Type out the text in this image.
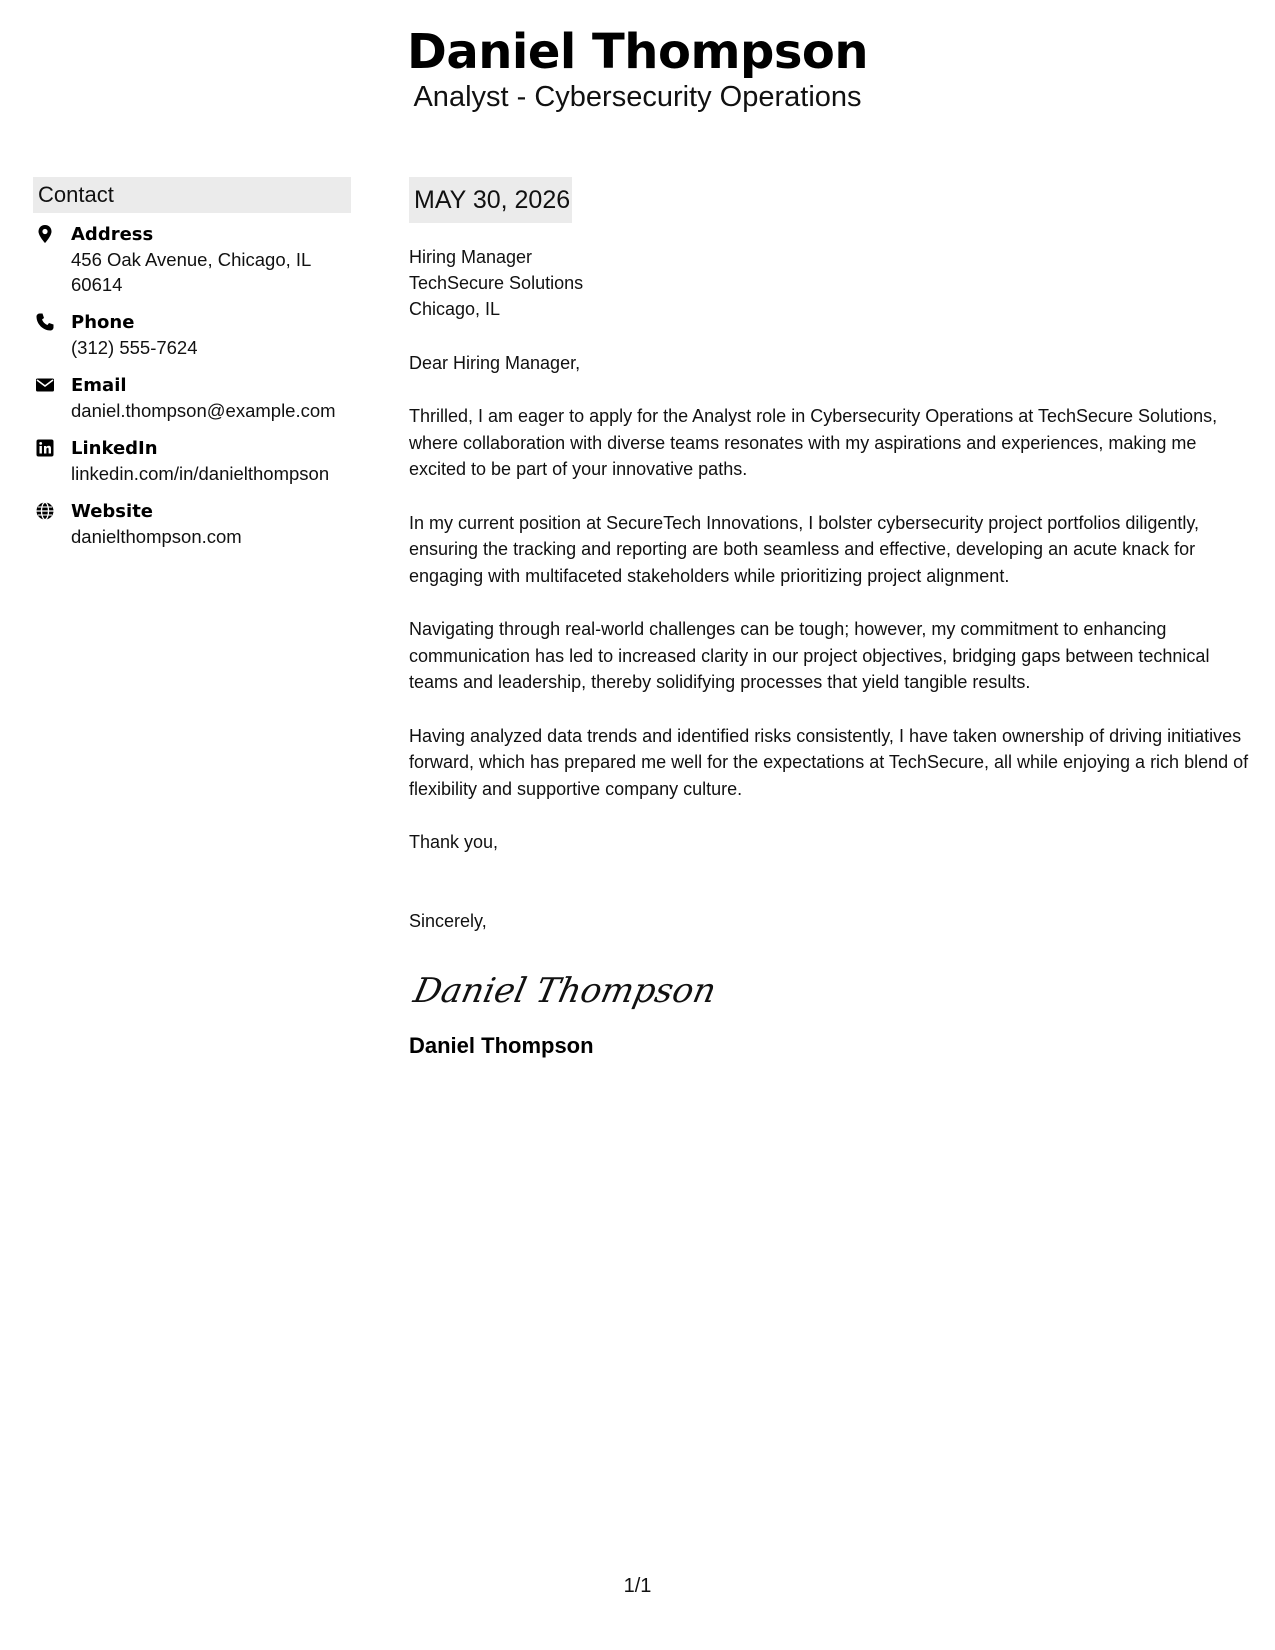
Daniel Thompson
Analyst - Cybersecurity Operations
Contact
Address
456 Oak Avenue, Chicago, IL 60614
Phone
(312) 555-7624
Email
daniel.thompson@example.com
LinkedIn
linkedin.com/in/danielthompson
Website
danielthompson.com
MAY 30, 2026
Hiring Manager
TechSecure Solutions
Chicago, IL
Dear Hiring Manager,
Thrilled, I am eager to apply for the Analyst role in Cybersecurity Operations at TechSecure Solutions, where collaboration with diverse teams resonates with my aspirations and experiences, making me excited to be part of your innovative paths.
In my current position at SecureTech Innovations, I bolster cybersecurity project portfolios diligently, ensuring the tracking and reporting are both seamless and effective, developing an acute knack for engaging with multifaceted stakeholders while prioritizing project alignment.
Navigating through real-world challenges can be tough; however, my commitment to enhancing communication has led to increased clarity in our project objectives, bridging gaps between technical teams and leadership, thereby solidifying processes that yield tangible results.
Having analyzed data trends and identified risks consistently, I have taken ownership of driving initiatives forward, which has prepared me well for the expectations at TechSecure, all while enjoying a rich blend of flexibility and supportive company culture.
Thank you,
Sincerely,
Daniel Thompson
Daniel Thompson
1/1
